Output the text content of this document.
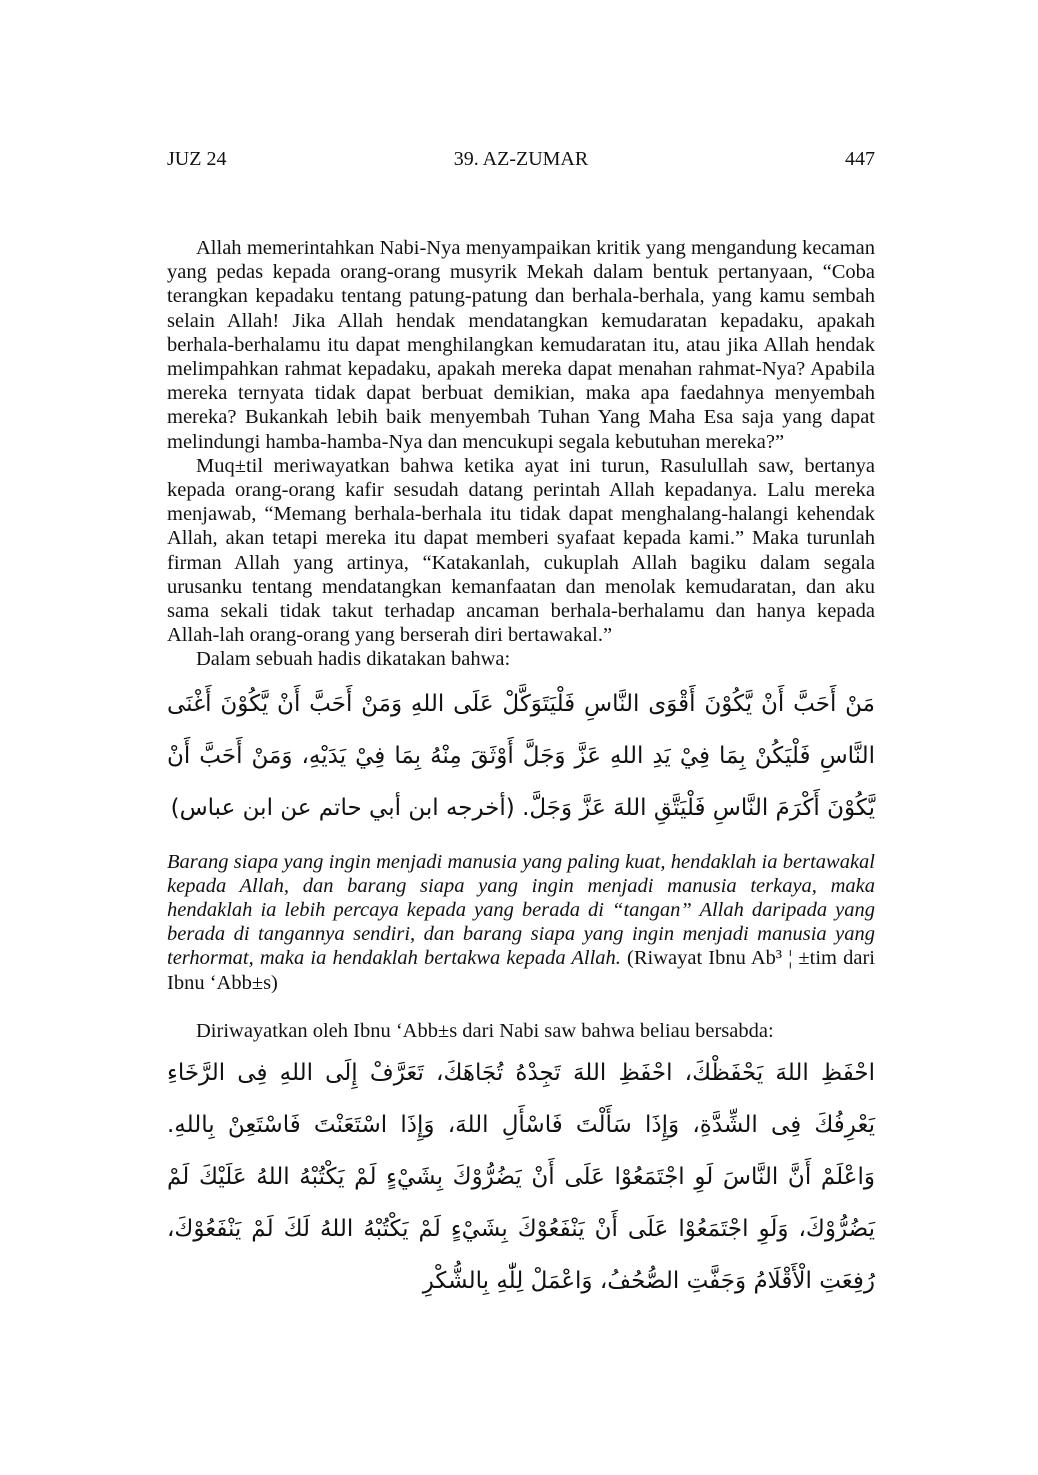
JUZ 24	39. AZ-ZUMAR	447

Allah memerintahkan Nabi-Nya menyampaikan kritik yang mengandung kecaman yang pedas kepada orang-orang musyrik Mekah dalam bentuk pertanyaan, “Coba terangkan kepadaku tentang patung-patung dan berhala-berhala, yang kamu sembah selain Allah! Jika Allah hendak mendatangkan kemudaratan kepadaku, apakah berhala-berhalamu itu dapat menghilangkan kemudaratan itu, atau jika Allah hendak melimpahkan rahmat kepadaku, apakah mereka dapat menahan rahmat-Nya? Apabila mereka ternyata tidak dapat berbuat demikian, maka apa faedahnya menyembah mereka? Bukankah lebih baik menyembah Tuhan Yang Maha Esa saja yang dapat melindungi hamba-hamba-Nya dan mencukupi segala kebutuhan mereka?”

Muq±til meriwayatkan bahwa ketika ayat ini turun, Rasulullah saw, bertanya kepada orang-orang kafir sesudah datang perintah Allah kepadanya. Lalu mereka menjawab, “Memang berhala-berhala itu tidak dapat menghalang-halangi kehendak Allah, akan tetapi mereka itu dapat memberi syafaat kepada kami.” Maka turunlah firman Allah yang artinya, “Katakanlah, cukuplah Allah bagiku dalam segala urusanku tentang mendatangkan kemanfaatan dan menolak kemudaratan, dan aku sama sekali tidak takut terhadap ancaman berhala-berhalamu dan hanya kepada Allah-lah orang-orang yang berserah diri bertawakal.”

Dalam sebuah hadis dikatakan bahwa:

مَنْ أَحَبَّ أَنْ يَّكُوْنَ أَقْوَى النَّاسِ فَلْيَتَوَكَّلْ عَلَى اللهِ وَمَنْ أَحَبَّ أَنْ يَّكُوْنَ أَغْنَى النَّاسِ فَلْيَكُنْ بِمَا فِيْ يَدِ اللهِ عَزَّ وَجَلَّ أَوْثَقَ مِنْهُ بِمَا فِيْ يَدَيْهِ، وَمَنْ أَحَبَّ أَنْ يَّكُوْنَ أَكْرَمَ النَّاسِ فَلْيَتَّقِ اللهَ عَزَّ وَجَلَّ. (أخرجه ابن أبي حاتم عن ابن عباس)

Barang siapa yang ingin menjadi manusia yang paling kuat, hendaklah ia bertawakal kepada Allah, dan barang siapa yang ingin menjadi manusia terkaya, maka hendaklah ia lebih percaya kepada yang berada di “tangan” Allah daripada yang berada di tangannya sendiri, dan barang siapa yang ingin menjadi manusia yang terhormat, maka ia hendaklah bertakwa kepada Allah. (Riwayat Ibnu Ab³ ¦ ±tim dari Ibnu ‘Abb±s)

Diriwayatkan oleh Ibnu ‘Abb±s dari Nabi saw bahwa beliau bersabda:

احْفَظِ اللهَ يَحْفَظْكَ، احْفَظِ اللهَ تَجِدْهُ تُجَاهَكَ، تَعَرَّفْ إِلَى اللهِ فِى الرَّخَاءِ يَعْرِفُكَ فِى الشِّدَّةِ، وَإِذَا سَأَلْتَ فَاسْأَلِ اللهَ، وَإِذَا اسْتَعَنْتَ فَاسْتَعِنْ بِاللهِ. وَاعْلَمْ أَنَّ النَّاسَ لَوِ اجْتَمَعُوْا عَلَى أَنْ يَضُرُّوْكَ بِشَيْءٍ لَمْ يَكْتُبْهُ اللهُ عَلَيْكَ لَمْ يَضُرُّوْكَ، وَلَوِ اجْتَمَعُوْا عَلَى أَنْ يَنْفَعُوْكَ بِشَيْءٍ لَمْ يَكْتُبْهُ اللهُ لَكَ لَمْ يَنْفَعُوْكَ، رُفِعَتِ الْأَقْلَامُ وَجَفَّتِ الصُّحُفُ، وَاعْمَلْ لِلّٰهِ بِالشُّكْرِ
